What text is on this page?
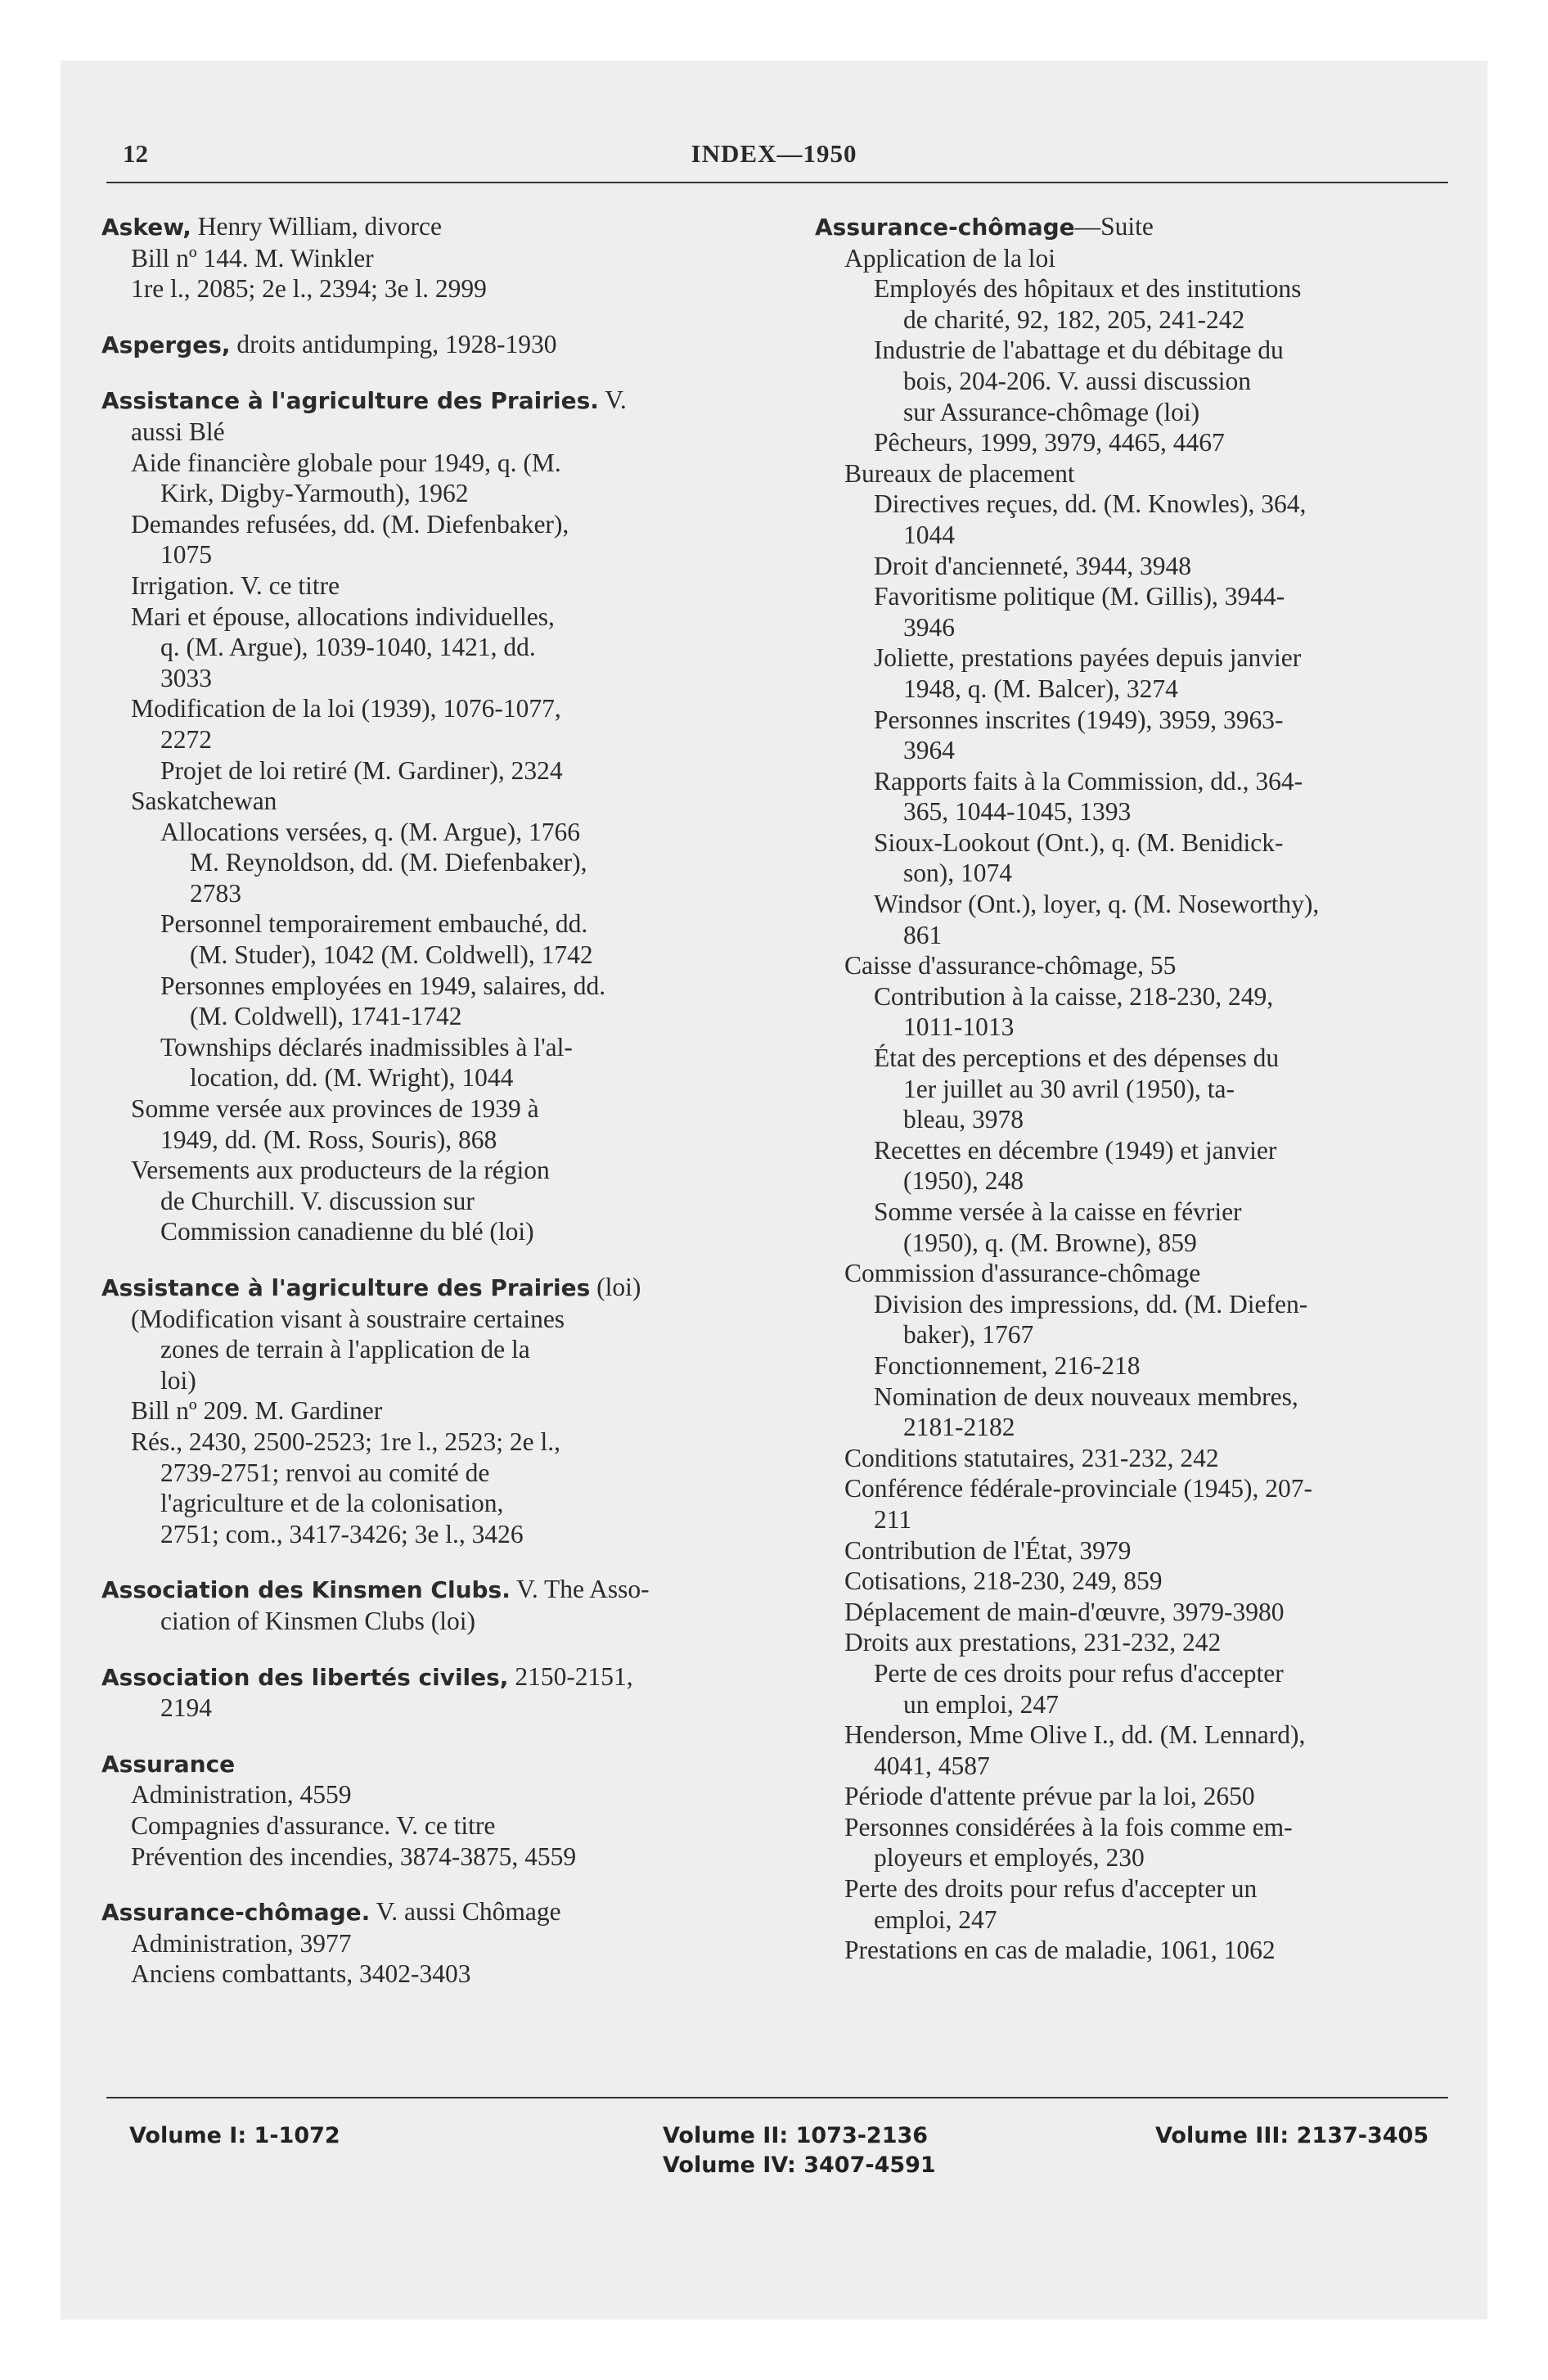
12	INDEX—1950
Askew, Henry William, divorce
Bill nº 144. M. Winkler
1re l., 2085; 2e l., 2394; 3e l. 2999
Asperges, droits antidumping, 1928-1930
Assistance à l'agriculture des Prairies. V.
aussi Blé
Aide financière globale pour 1949, q. (M.
Kirk, Digby-Yarmouth), 1962
Demandes refusées, dd. (M. Diefenbaker),
1075
Irrigation. V. ce titre
Mari et épouse, allocations individuelles,
q. (M. Argue), 1039-1040, 1421, dd.
3033
Modification de la loi (1939), 1076-1077,
2272
Projet de loi retiré (M. Gardiner), 2324
Saskatchewan
Allocations versées, q. (M. Argue), 1766
M. Reynoldson, dd. (M. Diefenbaker),
2783
Personnel temporairement embauché, dd.
(M. Studer), 1042 (M. Coldwell), 1742
Personnes employées en 1949, salaires, dd.
(M. Coldwell), 1741-1742
Townships déclarés inadmissibles à l'al-
location, dd. (M. Wright), 1044
Somme versée aux provinces de 1939 à
1949, dd. (M. Ross, Souris), 868
Versements aux producteurs de la région
de Churchill. V. discussion sur
Commission canadienne du blé (loi)
Assistance à l'agriculture des Prairies (loi)
(Modification visant à soustraire certaines
zones de terrain à l'application de la
loi)
Bill nº 209. M. Gardiner
Rés., 2430, 2500-2523; 1re l., 2523; 2e l.,
2739-2751; renvoi au comité de
l'agriculture et de la colonisation,
2751; com., 3417-3426; 3e l., 3426
Association des Kinsmen Clubs. V. The Asso-
ciation of Kinsmen Clubs (loi)
Association des libertés civiles, 2150-2151,
2194
Assurance
Administration, 4559
Compagnies d'assurance. V. ce titre
Prévention des incendies, 3874-3875, 4559
Assurance-chômage. V. aussi Chômage
Administration, 3977
Anciens combattants, 3402-3403
Assurance-chômage—Suite
Application de la loi
Employés des hôpitaux et des institutions
de charité, 92, 182, 205, 241-242
Industrie de l'abattage et du débitage du
bois, 204-206. V. aussi discussion
sur Assurance-chômage (loi)
Pêcheurs, 1999, 3979, 4465, 4467
Bureaux de placement
Directives reçues, dd. (M. Knowles), 364,
1044
Droit d'ancienneté, 3944, 3948
Favoritisme politique (M. Gillis), 3944-
3946
Joliette, prestations payées depuis janvier
1948, q. (M. Balcer), 3274
Personnes inscrites (1949), 3959, 3963-
3964
Rapports faits à la Commission, dd., 364-
365, 1044-1045, 1393
Sioux-Lookout (Ont.), q. (M. Benidick-
son), 1074
Windsor (Ont.), loyer, q. (M. Noseworthy),
861
Caisse d'assurance-chômage, 55
Contribution à la caisse, 218-230, 249,
1011-1013
État des perceptions et des dépenses du
1er juillet au 30 avril (1950), ta-
bleau, 3978
Recettes en décembre (1949) et janvier
(1950), 248
Somme versée à la caisse en février
(1950), q. (M. Browne), 859
Commission d'assurance-chômage
Division des impressions, dd. (M. Diefen-
baker), 1767
Fonctionnement, 216-218
Nomination de deux nouveaux membres,
2181-2182
Conditions statutaires, 231-232, 242
Conférence fédérale-provinciale (1945), 207-
211
Contribution de l'État, 3979
Cotisations, 218-230, 249, 859
Déplacement de main-d'œuvre, 3979-3980
Droits aux prestations, 231-232, 242
Perte de ces droits pour refus d'accepter
un emploi, 247
Henderson, Mme Olive I., dd. (M. Lennard),
4041, 4587
Période d'attente prévue par la loi, 2650
Personnes considérées à la fois comme em-
ployeurs et employés, 230
Perte des droits pour refus d'accepter un
emploi, 247
Prestations en cas de maladie, 1061, 1062
Volume I: 1-1072	Volume II: 1073-2136	Volume III: 2137-3405
Volume IV: 3407-4591
